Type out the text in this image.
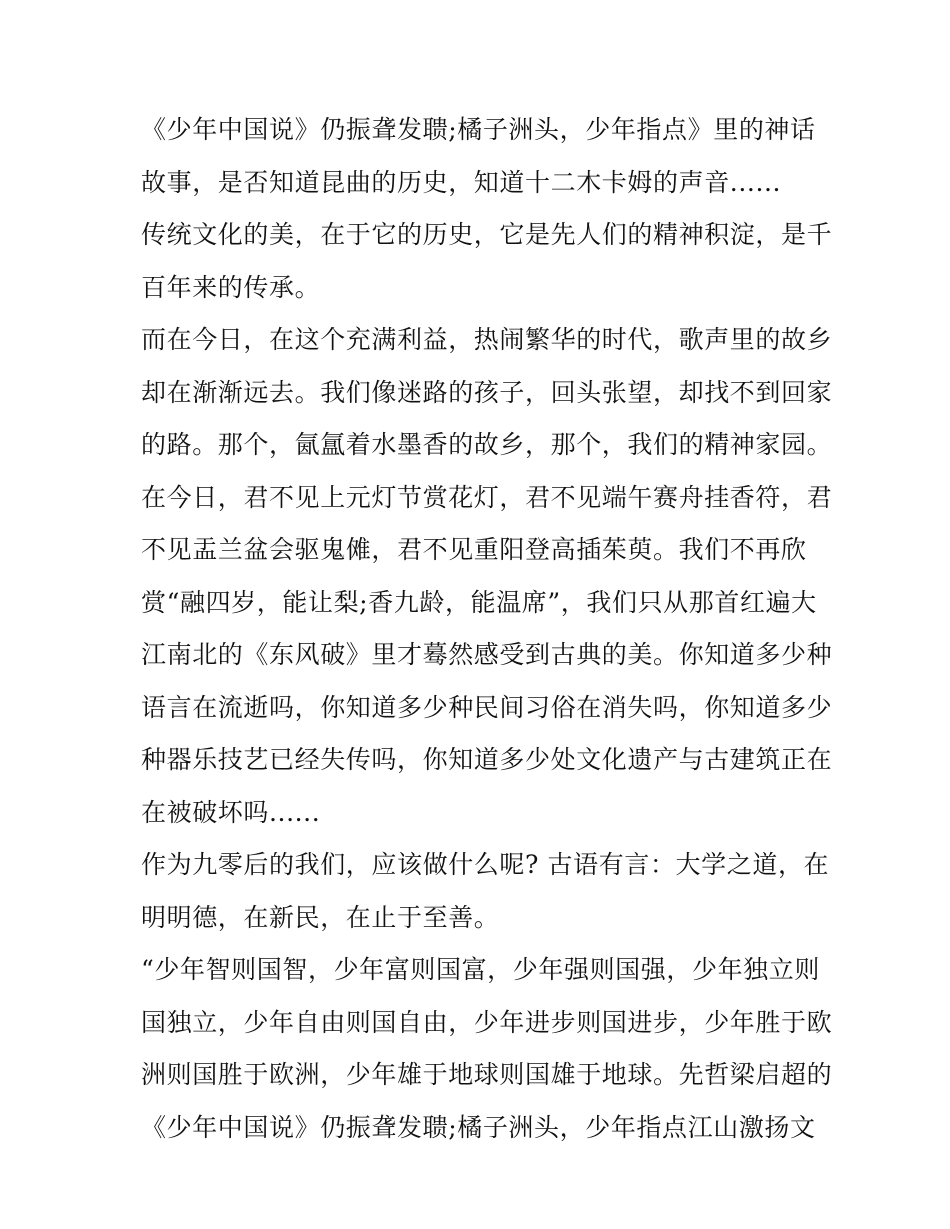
《少年中国说》仍振聋发聩;橘子洲头，少年指点》里的神话
故事，是否知道昆曲的历史，知道十二木卡姆的声音......
传统文化的美，在于它的历史，它是先人们的精神积淀，是千
百年来的传承。
而在今日，在这个充满利益，热闹繁华的时代，歌声里的故乡
却在渐渐远去。我们像迷路的孩子，回头张望，却找不到回家
的路。那个，氤氲着水墨香的故乡，那个，我们的精神家园。
在今日，君不见上元灯节赏花灯，君不见端午赛舟挂香符，君
不见盂兰盆会驱鬼傩，君不见重阳登高插茱萸。我们不再欣
赏“融四岁，能让梨;香九龄，能温席”，我们只从那首红遍大
江南北的《东风破》里才蓦然感受到古典的美。你知道多少种
语言在流逝吗，你知道多少种民间习俗在消失吗，你知道多少
种器乐技艺已经失传吗，你知道多少处文化遗产与古建筑正在
在被破坏吗......
作为九零后的我们，应该做什么呢? 古语有言：大学之道，在
明明德，在新民，在止于至善。
“少年智则国智，少年富则国富，少年强则国强，少年独立则
国独立，少年自由则国自由，少年进步则国进步，少年胜于欧
洲则国胜于欧洲，少年雄于地球则国雄于地球。先哲梁启超的
《少年中国说》仍振聋发聩;橘子洲头，少年指点江山激扬文
